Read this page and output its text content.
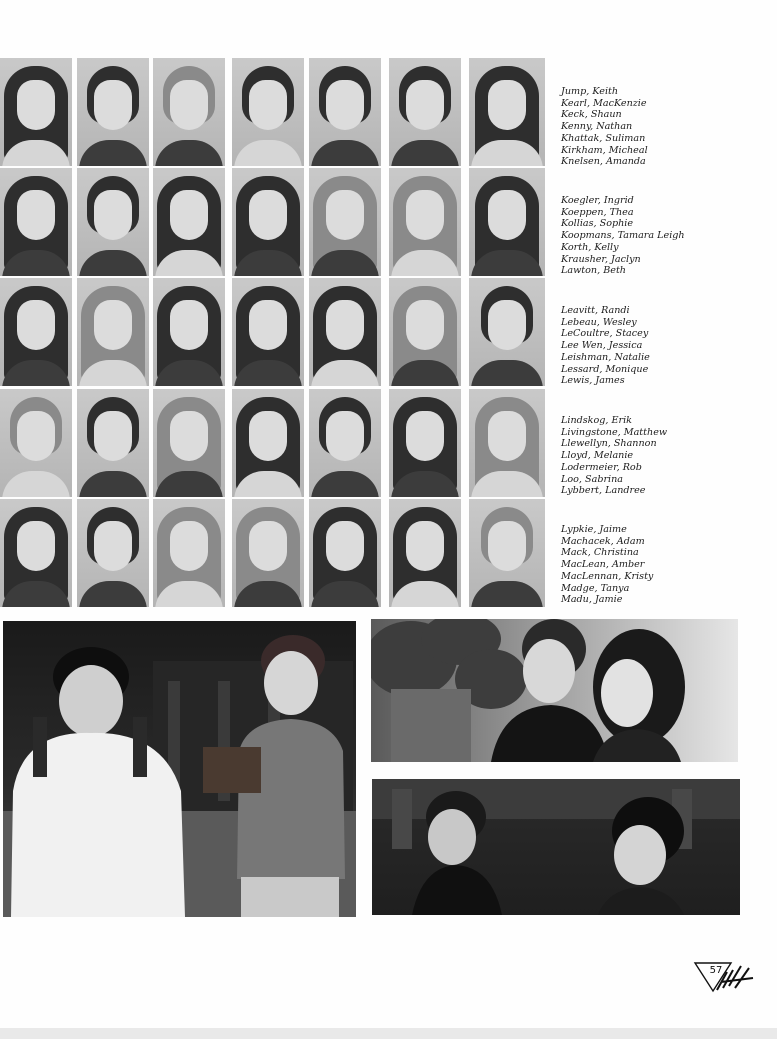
Jump, Keith
Kearl, MacKenzie
Keck, Shaun
Kenny, Nathan
Khattak, Suliman
Kirkham, Micheal
Knelsen, Amanda
Koegler, Ingrid
Koeppen, Thea
Kollias, Sophie
Koopmans, Tamara Leigh
Korth, Kelly
Krausher, Jaclyn
Lawton, Beth
Leavitt, Randi
Lebeau, Wesley
LeCoultre, Stacey
Lee Wen, Jessica
Leishman, Natalie
Lessard, Monique
Lewis, James
Lindskog, Erik
Livingstone, Matthew
Llewellyn, Shannon
Lloyd, Melanie
Lodermeier, Rob
Loo, Sabrina
Lybbert, Landree
Lypkie, Jaime
Machacek, Adam
Mack, Christina
MacLean, Amber
MacLennan, Kristy
Madge, Tanya
Madu, Jamie
57
